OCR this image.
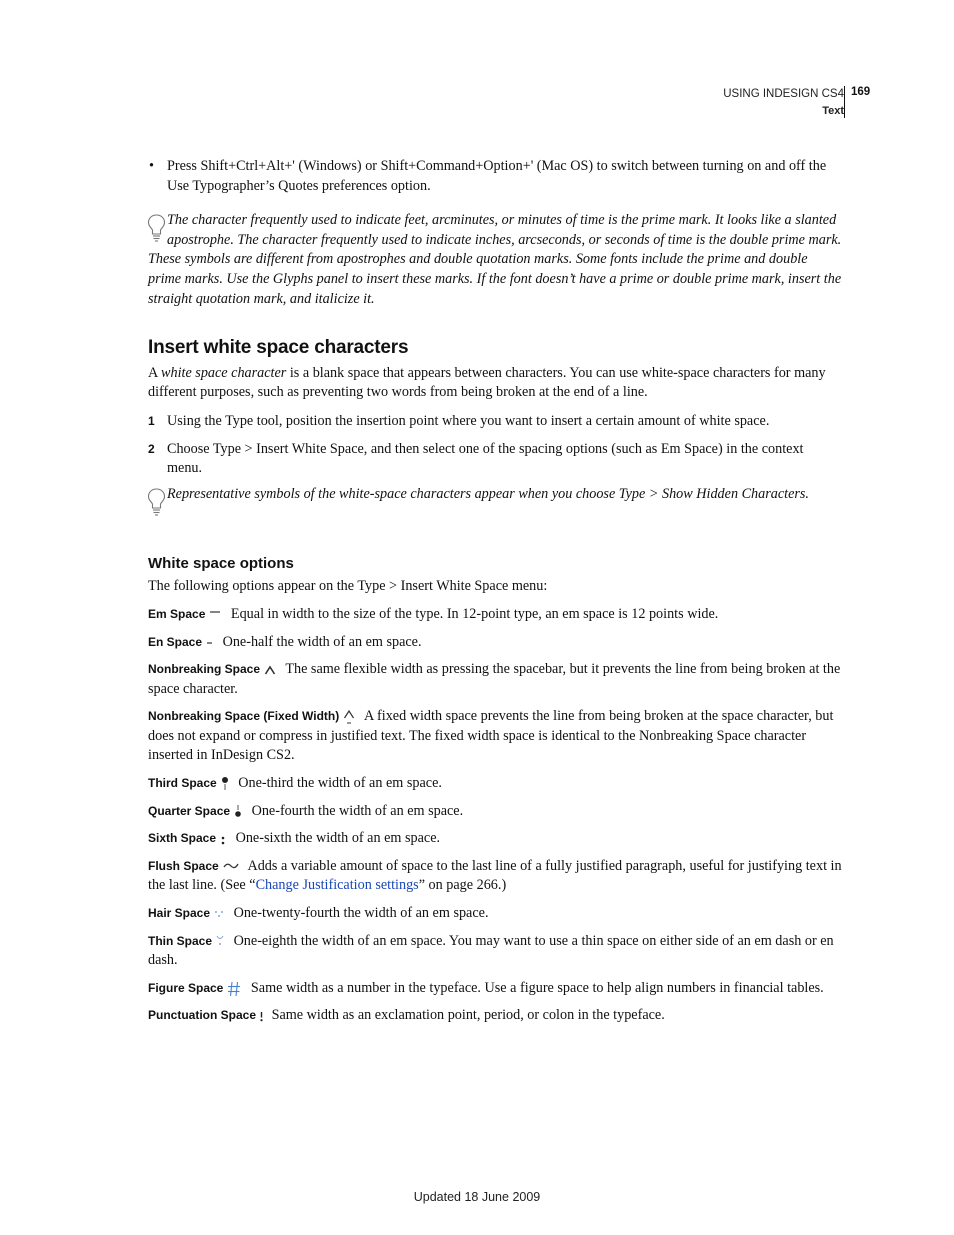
USING INDESIGN CS4
Text
169
• Press Shift+Ctrl+Alt+' (Windows) or Shift+Command+Option+' (Mac OS) to switch between turning on and off the Use Typographer’s Quotes preferences option.
The character frequently used to indicate feet, arcminutes, or minutes of time is the prime mark. It looks like a slanted apostrophe. The character frequently used to indicate inches, arcseconds, or seconds of time is the double prime mark. These symbols are different from apostrophes and double quotation marks. Some fonts include the prime and double prime marks. Use the Glyphs panel to insert these marks. If the font doesn’t have a prime or double prime mark, insert the straight quotation mark, and italicize it.
Insert white space characters

A white space character is a blank space that appears between characters. You can use white-space characters for many different purposes, such as preventing two words from being broken at the end of a line.

1 Using the Type tool, position the insertion point where you want to insert a certain amount of white space.
2 Choose Type > Insert White Space, and then select one of the spacing options (such as Em Space) in the context menu.
Representative symbols of the white-space characters appear when you choose Type > Show Hidden Characters.
White space options

The following options appear on the Type > Insert White Space menu:

Em Space Equal in width to the size of the type. In 12-point type, an em space is 12 points wide.

En Space One-half the width of an em space.

Nonbreaking Space The same flexible width as pressing the spacebar, but it prevents the line from being broken at the space character.

Nonbreaking Space (Fixed Width) A fixed width space prevents the line from being broken at the space character, but does not expand or compress in justified text. The fixed width space is identical to the Nonbreaking Space character inserted in InDesign CS2.

Third Space One-third the width of an em space.

Quarter Space One-fourth the width of an em space.

Sixth Space One-sixth the width of an em space.

Flush Space Adds a variable amount of space to the last line of a fully justified paragraph, useful for justifying text in the last line. (See “Change Justification settings” on page 266.)

Hair Space One-twenty-fourth the width of an em space.

Thin Space One-eighth the width of an em space. You may want to use a thin space on either side of an em dash or en dash.

Figure Space Same width as a number in the typeface. Use a figure space to help align numbers in financial tables.

Punctuation Space Same width as an exclamation point, period, or colon in the typeface.

Updated 18 June 2009
